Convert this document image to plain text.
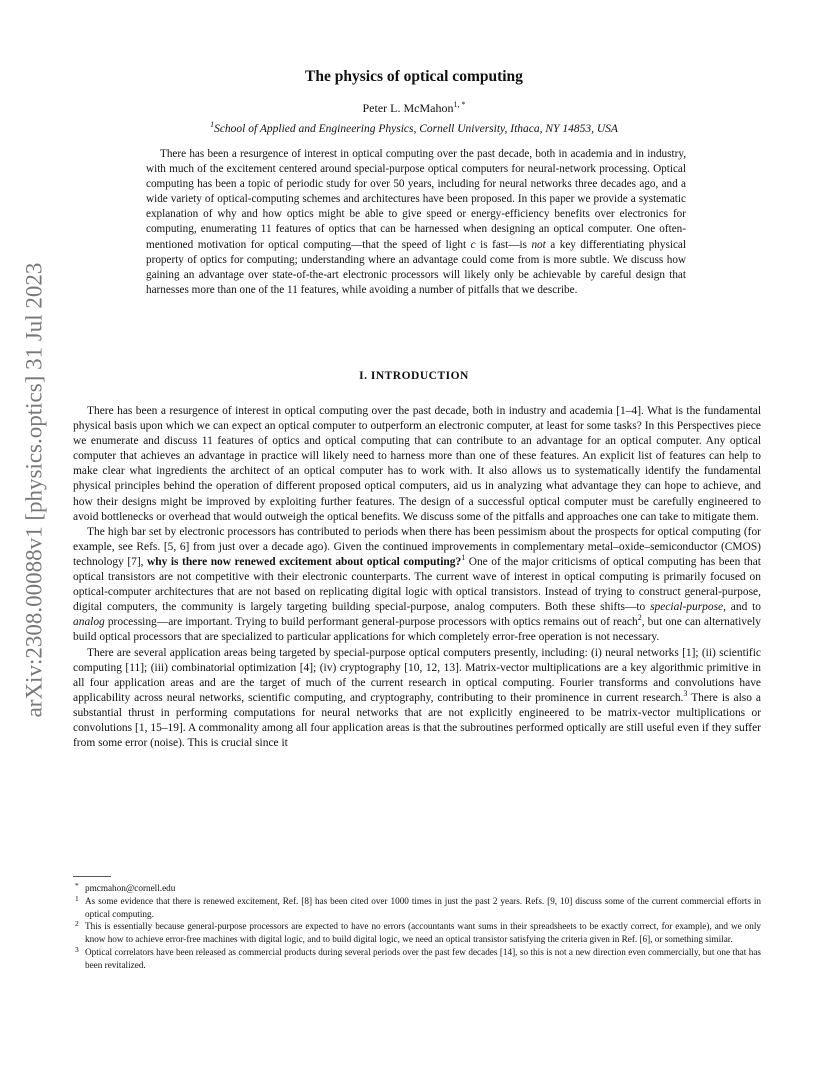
arXiv:2308.00088v1 [physics.optics] 31 Jul 2023
The physics of optical computing
Peter L. McMahon$^{1, *}$
$^1$School of Applied and Engineering Physics, Cornell University, Ithaca, NY 14853, USA

There has been a resurgence of interest in optical computing over the past decade, both in academia and in industry, with much of the excitement centered around special-purpose optical computers for neural-network processing. Optical computing has been a topic of periodic study for over 50 years, including for neural networks three decades ago, and a wide variety of optical-computing schemes and architectures have been proposed. In this paper we provide a systematic explanation of why and how optics might be able to give speed or energy-efficiency benefits over electronics for computing, enumerating 11 features of optics that can be harnessed when designing an optical computer. One often-mentioned motivation for optical computing—that the speed of light c is fast—is not a key differentiating physical property of optics for computing; understanding where an advantage could come from is more subtle. We discuss how gaining an advantage over state-of-the-art electronic processors will likely only be achievable by careful design that harnesses more than one of the 11 features, while avoiding a number of pitfalls that we describe.

I. INTRODUCTION

There has been a resurgence of interest in optical computing over the past decade, both in industry and academia [1–4]. What is the fundamental physical basis upon which we can expect an optical computer to outperform an electronic computer, at least for some tasks? In this Perspectives piece we enumerate and discuss 11 features of optics and optical computing that can contribute to an advantage for an optical computer. Any optical computer that achieves an advantage in practice will likely need to harness more than one of these features. An explicit list of features can help to make clear what ingredients the architect of an optical computer has to work with. It also allows us to systematically identify the fundamental physical principles behind the operation of different proposed optical computers, aid us in analyzing what advantage they can hope to achieve, and how their designs might be improved by exploiting further features. The design of a successful optical computer must be carefully engineered to avoid bottlenecks or overhead that would outweigh the optical benefits. We discuss some of the pitfalls and approaches one can take to mitigate them.

The high bar set by electronic processors has contributed to periods when there has been pessimism about the prospects for optical computing (for example, see Refs. [5, 6] from just over a decade ago). Given the continued improvements in complementary metal–oxide–semiconductor (CMOS) technology [7], why is there now renewed excitement about optical computing?$^1$ One of the major criticisms of optical computing has been that optical transistors are not competitive with their electronic counterparts. The current wave of interest in optical computing is primarily focused on optical-computer architectures that are not based on replicating digital logic with optical transistors. Instead of trying to construct general-purpose, digital computers, the community is largely targeting building special-purpose, analog computers. Both these shifts—to special-purpose, and to analog processing—are important. Trying to build performant general-purpose processors with optics remains out of reach$^2$, but one can alternatively build optical processors that are specialized to particular applications for which completely error-free operation is not necessary.

There are several application areas being targeted by special-purpose optical computers presently, including: (i) neural networks [1]; (ii) scientific computing [11]; (iii) combinatorial optimization [4]; (iv) cryptography [10, 12, 13]. Matrix-vector multiplications are a key algorithmic primitive in all four application areas and are the target of much of the current research in optical computing. Fourier transforms and convolutions have applicability across neural networks, scientific computing, and cryptography, contributing to their prominence in current research.$^3$ There is also a substantial thrust in performing computations for neural networks that are not explicitly engineered to be matrix-vector multiplications or convolutions [1, 15–19]. A commonality among all four application areas is that the subroutines performed optically are still useful even if they suffer from some error (noise). This is crucial since it

* pmcmahon@cornell.edu

1 As some evidence that there is renewed excitement, Ref. [8] has been cited over 1000 times in just the past 2 years. Refs. [9, 10] discuss some of the current commercial efforts in optical computing.

2 This is essentially because general-purpose processors are expected to have no errors (accountants want sums in their spreadsheets to be exactly correct, for example), and we only know how to achieve error-free machines with digital logic, and to build digital logic, we need an optical transistor satisfying the criteria given in Ref. [6], or something similar.

3 Optical correlators have been released as commercial products during several periods over the past few decades [14], so this is not a new direction even commercially, but one that has been revitalized.
